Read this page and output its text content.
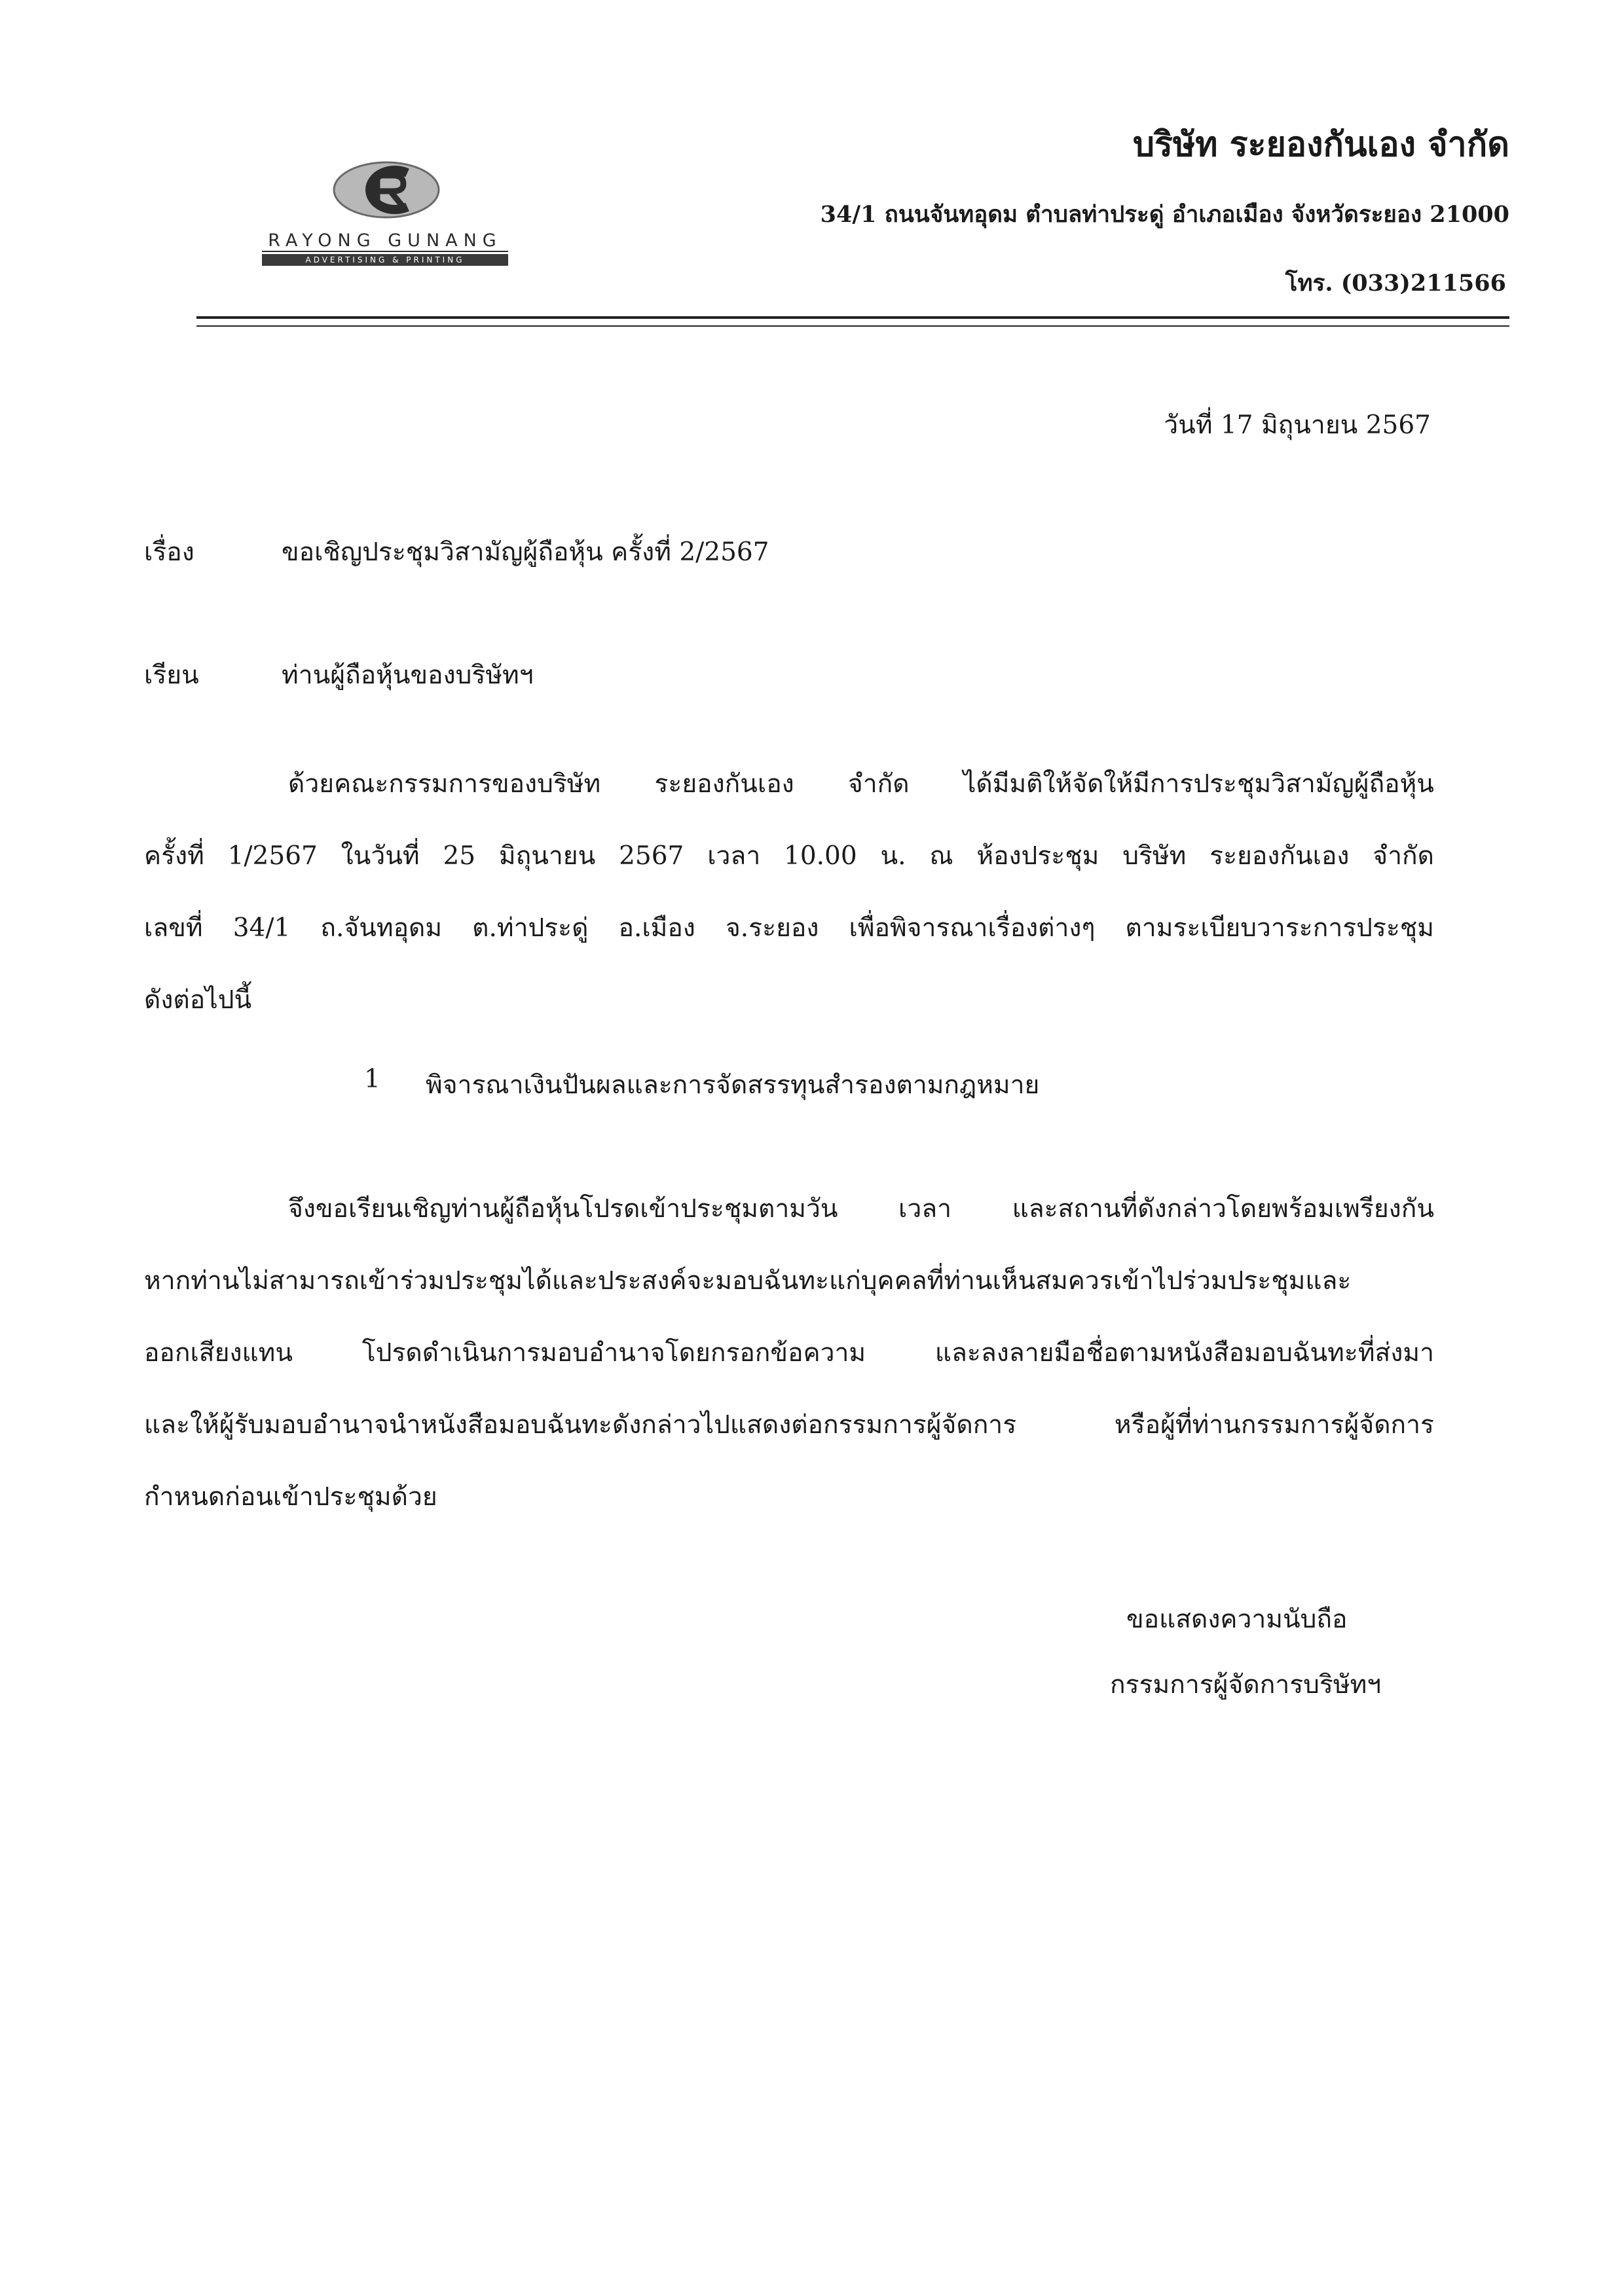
RAYONG GUNANG
ADVERTISING & PRINTING
บริษัท ระยองกันเอง จำกัด
34/1 ถนนจันทอุดม ตำบลท่าประดู่ อำเภอเมือง จังหวัดระยอง 21000
โทร. (033)211566
วันที่ 17 มิถุนายน 2567
เรื่อง	ขอเชิญประชุมวิสามัญผู้ถือหุ้น ครั้งที่ 2/2567
เรียน	ท่านผู้ถือหุ้นของบริษัทฯ
ด้วยคณะกรรมการของบริษัท ระยองกันเอง จำกัด ได้มีมติให้จัดให้มีการประชุมวิสามัญผู้ถือหุ้น
ครั้งที่ 1/2567 ในวันที่ 25 มิถุนายน 2567 เวลา 10.00 น. ณ ห้องประชุม บริษัท ระยองกันเอง จำกัด
เลขที่ 34/1 ถ.จันทอุดม ต.ท่าประดู่ อ.เมือง จ.ระยอง เพื่อพิจารณาเรื่องต่างๆ ตามระเบียบวาระการประชุม
ดังต่อไปนี้
1 พิจารณาเงินปันผลและการจัดสรรทุนสำรองตามกฎหมาย
จึงขอเรียนเชิญท่านผู้ถือหุ้นโปรดเข้าประชุมตามวัน เวลา และสถานที่ดังกล่าวโดยพร้อมเพรียงกัน
หากท่านไม่สามารถเข้าร่วมประชุมได้และประสงค์จะมอบฉันทะแก่บุคคลที่ท่านเห็นสมควรเข้าไปร่วมประชุมและ
ออกเสียงแทน	โปรดดำเนินการมอบอำนาจโดยกรอกข้อความ	และลงลายมือชื่อตามหนังสือมอบฉันทะที่ส่งมา
และให้ผู้รับมอบอำนาจนำหนังสือมอบฉันทะดังกล่าวไปแสดงต่อกรรมการผู้จัดการ	หรือผู้ที่ท่านกรรมการผู้จัดการ
กำหนดก่อนเข้าประชุมด้วย
ขอแสดงความนับถือ
กรรมการผู้จัดการบริษัทฯ
